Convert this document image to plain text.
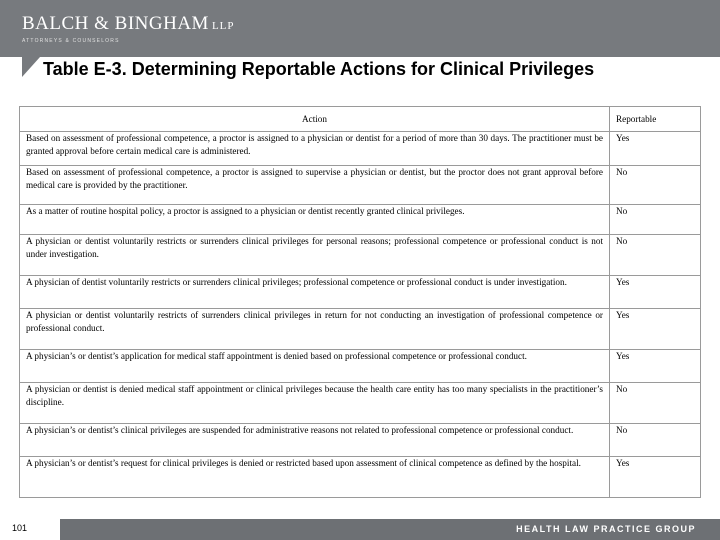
BALCH & BINGHAM LLP
ATTORNEYS & COUNSELORS
Table E-3. Determining Reportable Actions for Clinical Privileges
Action	Reportable
Based on assessment of professional competence, a proctor is assigned to a physician or dentist for a period of more than 30 days. The practitioner must be granted approval before certain medical care is administered.	Yes
Based on assessment of professional competence, a proctor is assigned to supervise a physician or dentist, but the proctor does not grant approval before medical care is provided by the practitioner.	No
As a matter of routine hospital policy, a proctor is assigned to a physician or dentist recently granted clinical privileges.	No
A physician or dentist voluntarily restricts or surrenders clinical privileges for personal reasons; professional competence or professional conduct is not under investigation.	No
A physician of dentist voluntarily restricts or surrenders clinical privileges; professional competence or professional conduct is under investigation.	Yes
A physician or dentist voluntarily restricts of surrenders clinical privileges in return for not conducting an investigation of professional competence or professional conduct.	Yes
A physician’s or dentist’s application for medical staff appointment is denied based on professional competence or professional conduct.	Yes
A physician or dentist is denied medical staff appointment or clinical privileges because the health care entity has too many specialists in the practitioner’s discipline.	No
A physician’s or dentist’s clinical privileges are suspended for administrative reasons not related to professional competence or professional conduct.	No
A physician’s or dentist’s request for clinical privileges is denied or restricted based upon assessment of clinical competence as defined by the hospital.	Yes
101	HEALTH LAW PRACTICE GROUP
